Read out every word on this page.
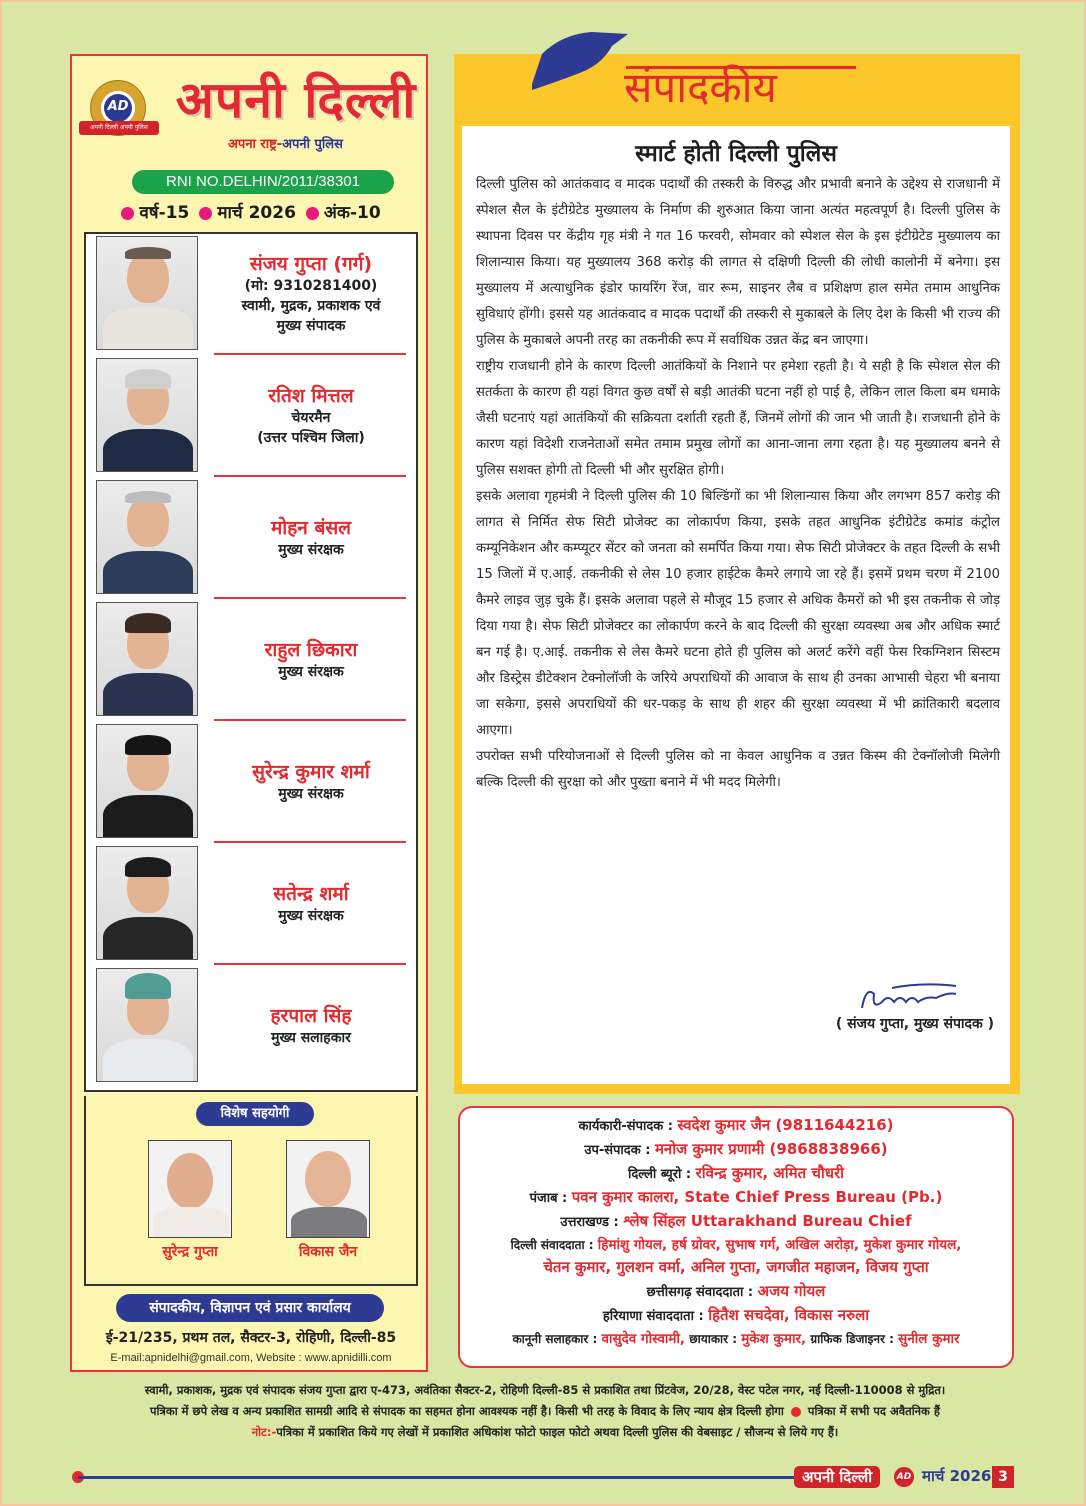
AD
अपनी दिल्ली अपनी पुलिस अपनी दिल्ली
अपना राष्ट्र-अपनी पुलिस
RNI NO.DELHIN/2011/38301
वर्ष-15	मार्च 2026	अंक-10
संजय गुप्ता (गर्ग)
(मो: 9310281400)
स्वामी, मुद्रक, प्रकाशक एवं
मुख्य संपादक
रतिश मित्तल
चेयरमैन
(उत्तर पश्चिम जिला)
मोहन बंसल
मुख्य संरक्षक
राहुल छिकारा
मुख्य संरक्षक
सुरेन्द्र कुमार शर्मा
मुख्य संरक्षक
सतेन्द्र शर्मा
मुख्य संरक्षक
हरपाल सिंह
मुख्य सलाहकार
विशेष सहयोगी
सुरेन्द्र गुप्ता	विकास जैन
संपादकीय, विज्ञापन एवं प्रसार कार्यालय
ई-21/235, प्रथम तल, सैक्टर-3, रोहिणी, दिल्ली-85
E-mail:apnidelhi@gmail.com, Website : www.apnidilli.com
संपादकीय
स्मार्ट होती दिल्ली पुलिस

दिल्ली पुलिस को आतंकवाद व मादक पदार्थों की तस्करी के विरुद्ध और प्रभावी बनाने के उद्देश्य से राजधानी में स्पेशल सैल के इंटीग्रेटेड मुख्यालय के निर्माण की शुरुआत किया जाना अत्यंत महत्वपूर्ण है। दिल्ली पुलिस के स्थापना दिवस पर केंद्रीय गृह मंत्री ने गत 16 फरवरी, सोमवार को स्पेशल सेल के इस इंटीग्रेटेड मुख्यालय का शिलान्यास किया। यह मुख्यालय 368 करोड़ की लागत से दक्षिणी दिल्ली की लोधी कालोनी में बनेगा। इस मुख्यालय में अत्याधुनिक इंडोर फायरिंग रेंज, वार रूम, साइनर लैब व प्रशिक्षण हाल समेत तमाम आधुनिक सुविधाएं होंगी। इससे यह आतंकवाद व मादक पदार्थों की तस्करी से मुकाबले के लिए देश के किसी भी राज्य की पुलिस के मुकाबले अपनी तरह का तकनीकी रूप में सर्वाधिक उन्नत केंद्र बन जाएगा।

राष्ट्रीय राजधानी होने के कारण दिल्ली आतंकियों के निशाने पर हमेशा रहती है। ये सही है कि स्पेशल सेल की सतर्कता के कारण ही यहां विगत कुछ वर्षों से बड़ी आतंकी घटना नहीं हो पाई है, लेकिन लाल किला बम धमाके जैसी घटनाएं यहां आतंकियों की सक्रियता दर्शाती रहती हैं, जिनमें लोगों की जान भी जाती है। राजधानी होने के कारण यहां विदेशी राजनेताओं समेत तमाम प्रमुख लोगों का आना-जाना लगा रहता है। यह मुख्यालय बनने से पुलिस सशक्त होगी तो दिल्ली भी और सुरक्षित होगी।

इसके अलावा गृहमंत्री ने दिल्ली पुलिस की 10 बिल्डिंगों का भी शिलान्यास किया और लगभग 857 करोड़ की लागत से निर्मित सेफ सिटी प्रोजेक्ट का लोकार्पण किया, इसके तहत आधुनिक इंटीग्रेटेड कमांड कंट्रोल कम्यूनिकेशन और कम्प्यूटर सेंटर को जनता को समर्पित किया गया। सेफ सिटी प्रोजेक्टर के तहत दिल्ली के सभी 15 जिलों में ए.आई. तकनीकी से लेस 10 हजार हाईटेक कैमरे लगाये जा रहे हैं। इसमें प्रथम चरण में 2100 कैमरे लाइव जुड़ चुके हैं। इसके अलावा पहले से मौजूद 15 हजार से अधिक कैमरों को भी इस तकनीक से जोड़ दिया गया है। सेफ सिटी प्रोजेक्टर का लोकार्पण करने के बाद दिल्ली की सुरक्षा व्यवस्था अब और अधिक स्मार्ट बन गई है। ए.आई. तकनीक से लेस कैमरे घटना होते ही पुलिस को अलर्ट करेंगे वहीं फेस रिकग्निशन सिस्टम और डिस्ट्रेस डीटेक्शन टेक्नोलॉजी के जरिये अपराधियों की आवाज के साथ ही उनका आभासी चेहरा भी बनाया जा सकेगा, इससे अपराधियों की धर-पकड़ के साथ ही शहर की सुरक्षा व्यवस्था में भी क्रांतिकारी बदलाव आएगा।

उपरोक्त सभी परियोजनाओं से दिल्ली पुलिस को ना केवल आधुनिक व उन्नत किस्म की टेक्नॉलोजी मिलेगी बल्कि दिल्ली की सुरक्षा को और पुख्ता बनाने में भी मदद मिलेगी।

( संजय गुप्ता, मुख्य संपादक )
कार्यकारी-संपादक : स्वदेश कुमार जैन (9811644216)
उप-संपादक : मनोज कुमार प्रणामी (9868838966)
दिल्ली ब्यूरो : रविन्द्र कुमार, अमित चौधरी
पंजाब : पवन कुमार कालरा, State Chief Press Bureau (Pb.)
उत्तराखण्ड : श्लेष सिंहल Uttarakhand Bureau Chief
दिल्ली संवाददाता : हिमांशु गोयल, हर्ष ग्रोवर, सुभाष गर्ग, अखिल अरोड़ा, मुकेश कुमार गोयल,
चेतन कुमार, गुलशन वर्मा, अनिल गुप्ता, जगजीत महाजन, विजय गुप्ता
छत्तीसगढ़ संवाददाता : अजय गोयल
हरियाणा संवाददाता : हितैश सचदेवा, विकास नरुला
कानूनी सलाहकार : वासुदेव गोस्वामी, छायाकार : मुकेश कुमार, ग्राफिक डिजाइनर : सुनील कुमार
स्वामी, प्रकाशक, मुद्रक एवं संपादक संजय गुप्ता द्वारा ए-473, अवंतिका सैक्टर-2, रोहिणी दिल्ली-85 से प्रकाशित तथा प्रिंटवेज, 20/28, वेस्ट पटेल नगर, नई दिल्ली-110008 से मुद्रित।
पत्रिका में छपे लेख व अन्य प्रकाशित सामग्री आदि से संपादक का सहमत होना आवश्यक नहीं है। किसी भी तरह के विवाद के लिए न्याय क्षेत्र दिल्ली होगा पत्रिका में सभी पद अवैतनिक हैं
नोट:-पत्रिका में प्रकाशित किये गए लेखों में प्रकाशित अधिकांश फोटो फाइल फोटो अथवा दिल्ली पुलिस की वेबसाइट / सौजन्य से लिये गए हैं।
अपनी दिल्ली	AD मार्च 2026 3
